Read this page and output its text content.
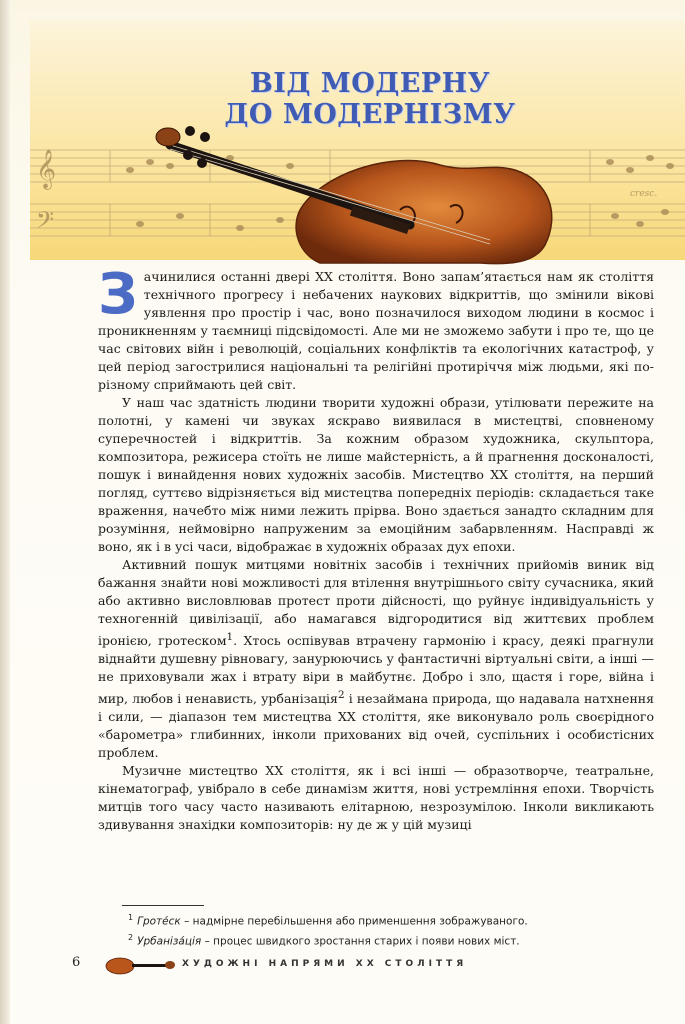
𝄞
𝄢
cresc.
ВІД МОДЕРНУ
ДО МОДЕРНІЗМУ

Зачинилися останні двері XX століття. Воно запам’ятається нам як століття технічного прогресу і небачених наукових відкриттів, що змінили вікові уявлення про простір і час, воно позначилося виходом людини в космос і проникненням у таємниці підсвідомості. Але ми не зможемо забути і про те, що це час світових війн і революцій, соціальних конфліктів та екологічних катастроф, у цей період загострилися національні та релігійні протиріччя між людьми, які по-різному сприймають цей світ.

У наш час здатність людини творити художні образи, утілювати пережите на полотні, у камені чи звуках яскраво виявилася в мистецтві, сповненому суперечностей і відкриттів. За кожним образом художника, скульптора, композитора, режисера стоїть не лише майстерність, а й прагнення досконалості, пошук і винайдення нових художніх засобів. Мистецтво XX століття, на перший погляд, суттєво відрізняється від мистецтва попередніх періодів: складається таке враження, начебто між ними лежить прірва. Воно здається занадто складним для розуміння, неймовірно напруженим за емоційним забарвленням. Насправді ж воно, як і в усі часи, відображає в художніх образах дух епохи.

Активний пошук митцями новітніх засобів і технічних прийомів виник від бажання знайти нові можливості для втілення внутрішнього світу сучасника, який або активно висловлював протест проти дійсності, що руйнує індивідуальність у техногенній цивілізації, або намагався відгородитися від життєвих проблем іронією, гротеском$^1$. Хтось оспівував втрачену гармонію і красу, деякі прагнули віднайти душевну рівновагу, занурюючись у фантастичні віртуальні світи, а інші — не приховували жах і втрату віри в майбутнє. Добро і зло, щастя і горе, війна і мир, любов і ненависть, урбанізація$^2$ і незаймана природа, що надавала натхнення і сили, — діапазон тем мистецтва XX століття, яке виконувало роль своєрідного «барометра» глибинних, інколи прихованих від очей, суспільних і особистісних проблем.

Музичне мистецтво XX століття, як і всі інші — образотворче, театральне, кінематограф, увібрало в себе динамізм життя, нові устремління епохи. Творчість митців того часу часто називають елітарною, незрозумілою. Інколи викликають здивування знахідки композиторів: ну де ж у цій музиці

$^1$ Гроте́ск – надмірне перебільшення або применшення зображуваного.
$^2$ Урбаніза́ція – процес швидкого зростання старих і появи нових міст.
6	ХУДОЖНІ НАПРЯМИ XX СТОЛІТТЯ
